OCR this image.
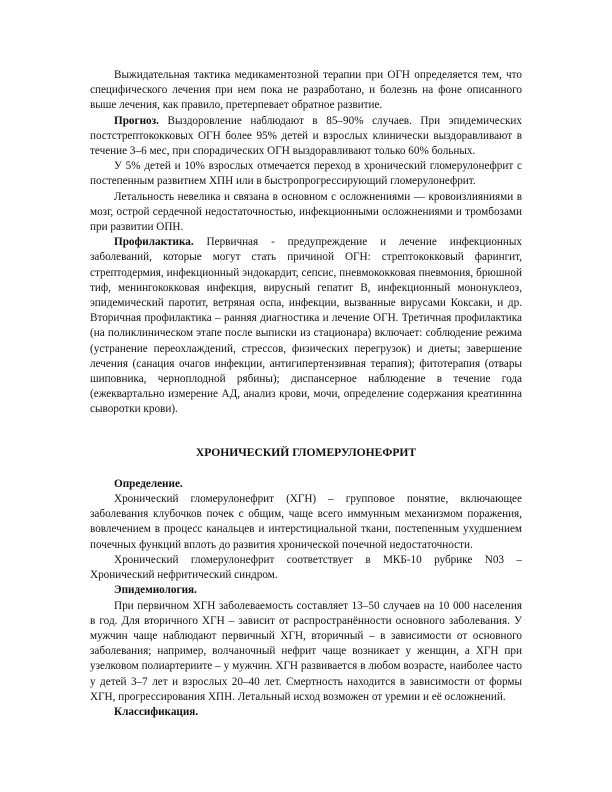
Выжидательная тактика медикаментозной терапии при ОГН определяется тем, что специфического лечения при нем пока не разработано, и болезнь на фоне описанного выше лечения, как правило, претерпевает обратное развитие.

Прогноз. Выздоровление наблюдают в 85–90% случаев. При эпидемических постстрептококковых ОГН более 95% детей и взрослых клинически выздоравливают в течение 3–6 мес, при спорадических ОГН выздоравливают только 60% больных.

У 5% детей и 10% взрослых отмечается переход в хронический гломерулонефрит с постепенным развитием ХПН или в быстропрогрессирующий гломерулонефрит.

Летальность невелика и связана в основном с осложнениями — кровоизлияниями в мозг, острой сердечной недостаточностью, инфекционными осложнениями и тромбозами при развитии ОПН.

Профилактика. Первичная - предупреждение и лечение инфекционных заболеваний, которые могут стать причиной ОГН: стрептококковый фарингит, стрептодермия, инфекционный эндокардит, сепсис, пневмококковая пневмония, брюшной тиф, менингококковая инфекция, вирусный гепатит В, инфекционный мононуклеоз, эпидемический паротит, ветряная оспа, инфекции, вызванные вирусами Коксаки, и др. Вторичная профилактика – ранняя диагностика и лечение ОГН. Третичная профилактика (на поликлиническом этапе после выписки из стационара) включает: соблюдение режима (устранение переохлаждений, стрессов, физических перегрузок) и диеты; завершение лечения (санация очагов инфекции, антигипертензивная терапия); фитотерапия (отвары шиповника, черноплодной рябины); диспансерное наблюдение в течение года (ежеквартально измерение АД, анализ крови, мочи, определение содержания креатинина сыворотки крови).

ХРОНИЧЕСКИЙ ГЛОМЕРУЛОНЕФРИТ

Определение.

Хронический гломерулонефрит (ХГН) – групповое понятие, включающее заболевания клубочков почек с общим, чаще всего иммунным механизмом поражения, вовлечением в процесс канальцев и интерстициальной ткани, постепенным ухудшением почечных функций вплоть до развития хронической почечной недостаточности.

Хронический гломерулонефрит соответствует в МКБ-10 рубрике N03 – Хронический нефритический синдром.

Эпидемиология.

При первичном ХГН заболеваемость составляет 13–50 случаев на 10 000 населения в год. Для вторичного ХГН – зависит от распространённости основного заболевания. У мужчин чаще наблюдают первичный ХГН, вторичный – в зависимости от основного заболевания; например, волчаночный нефрит чаще возникает у женщин, а ХГН при узелковом полиартериите – у мужчин. ХГН развивается в любом возрасте, наиболее часто у детей 3–7 лет и взрослых 20–40 лет. Смертность находится в зависимости от формы ХГН, прогрессирования ХПН. Летальный исход возможен от уремии и её осложнений.

Классификация.
